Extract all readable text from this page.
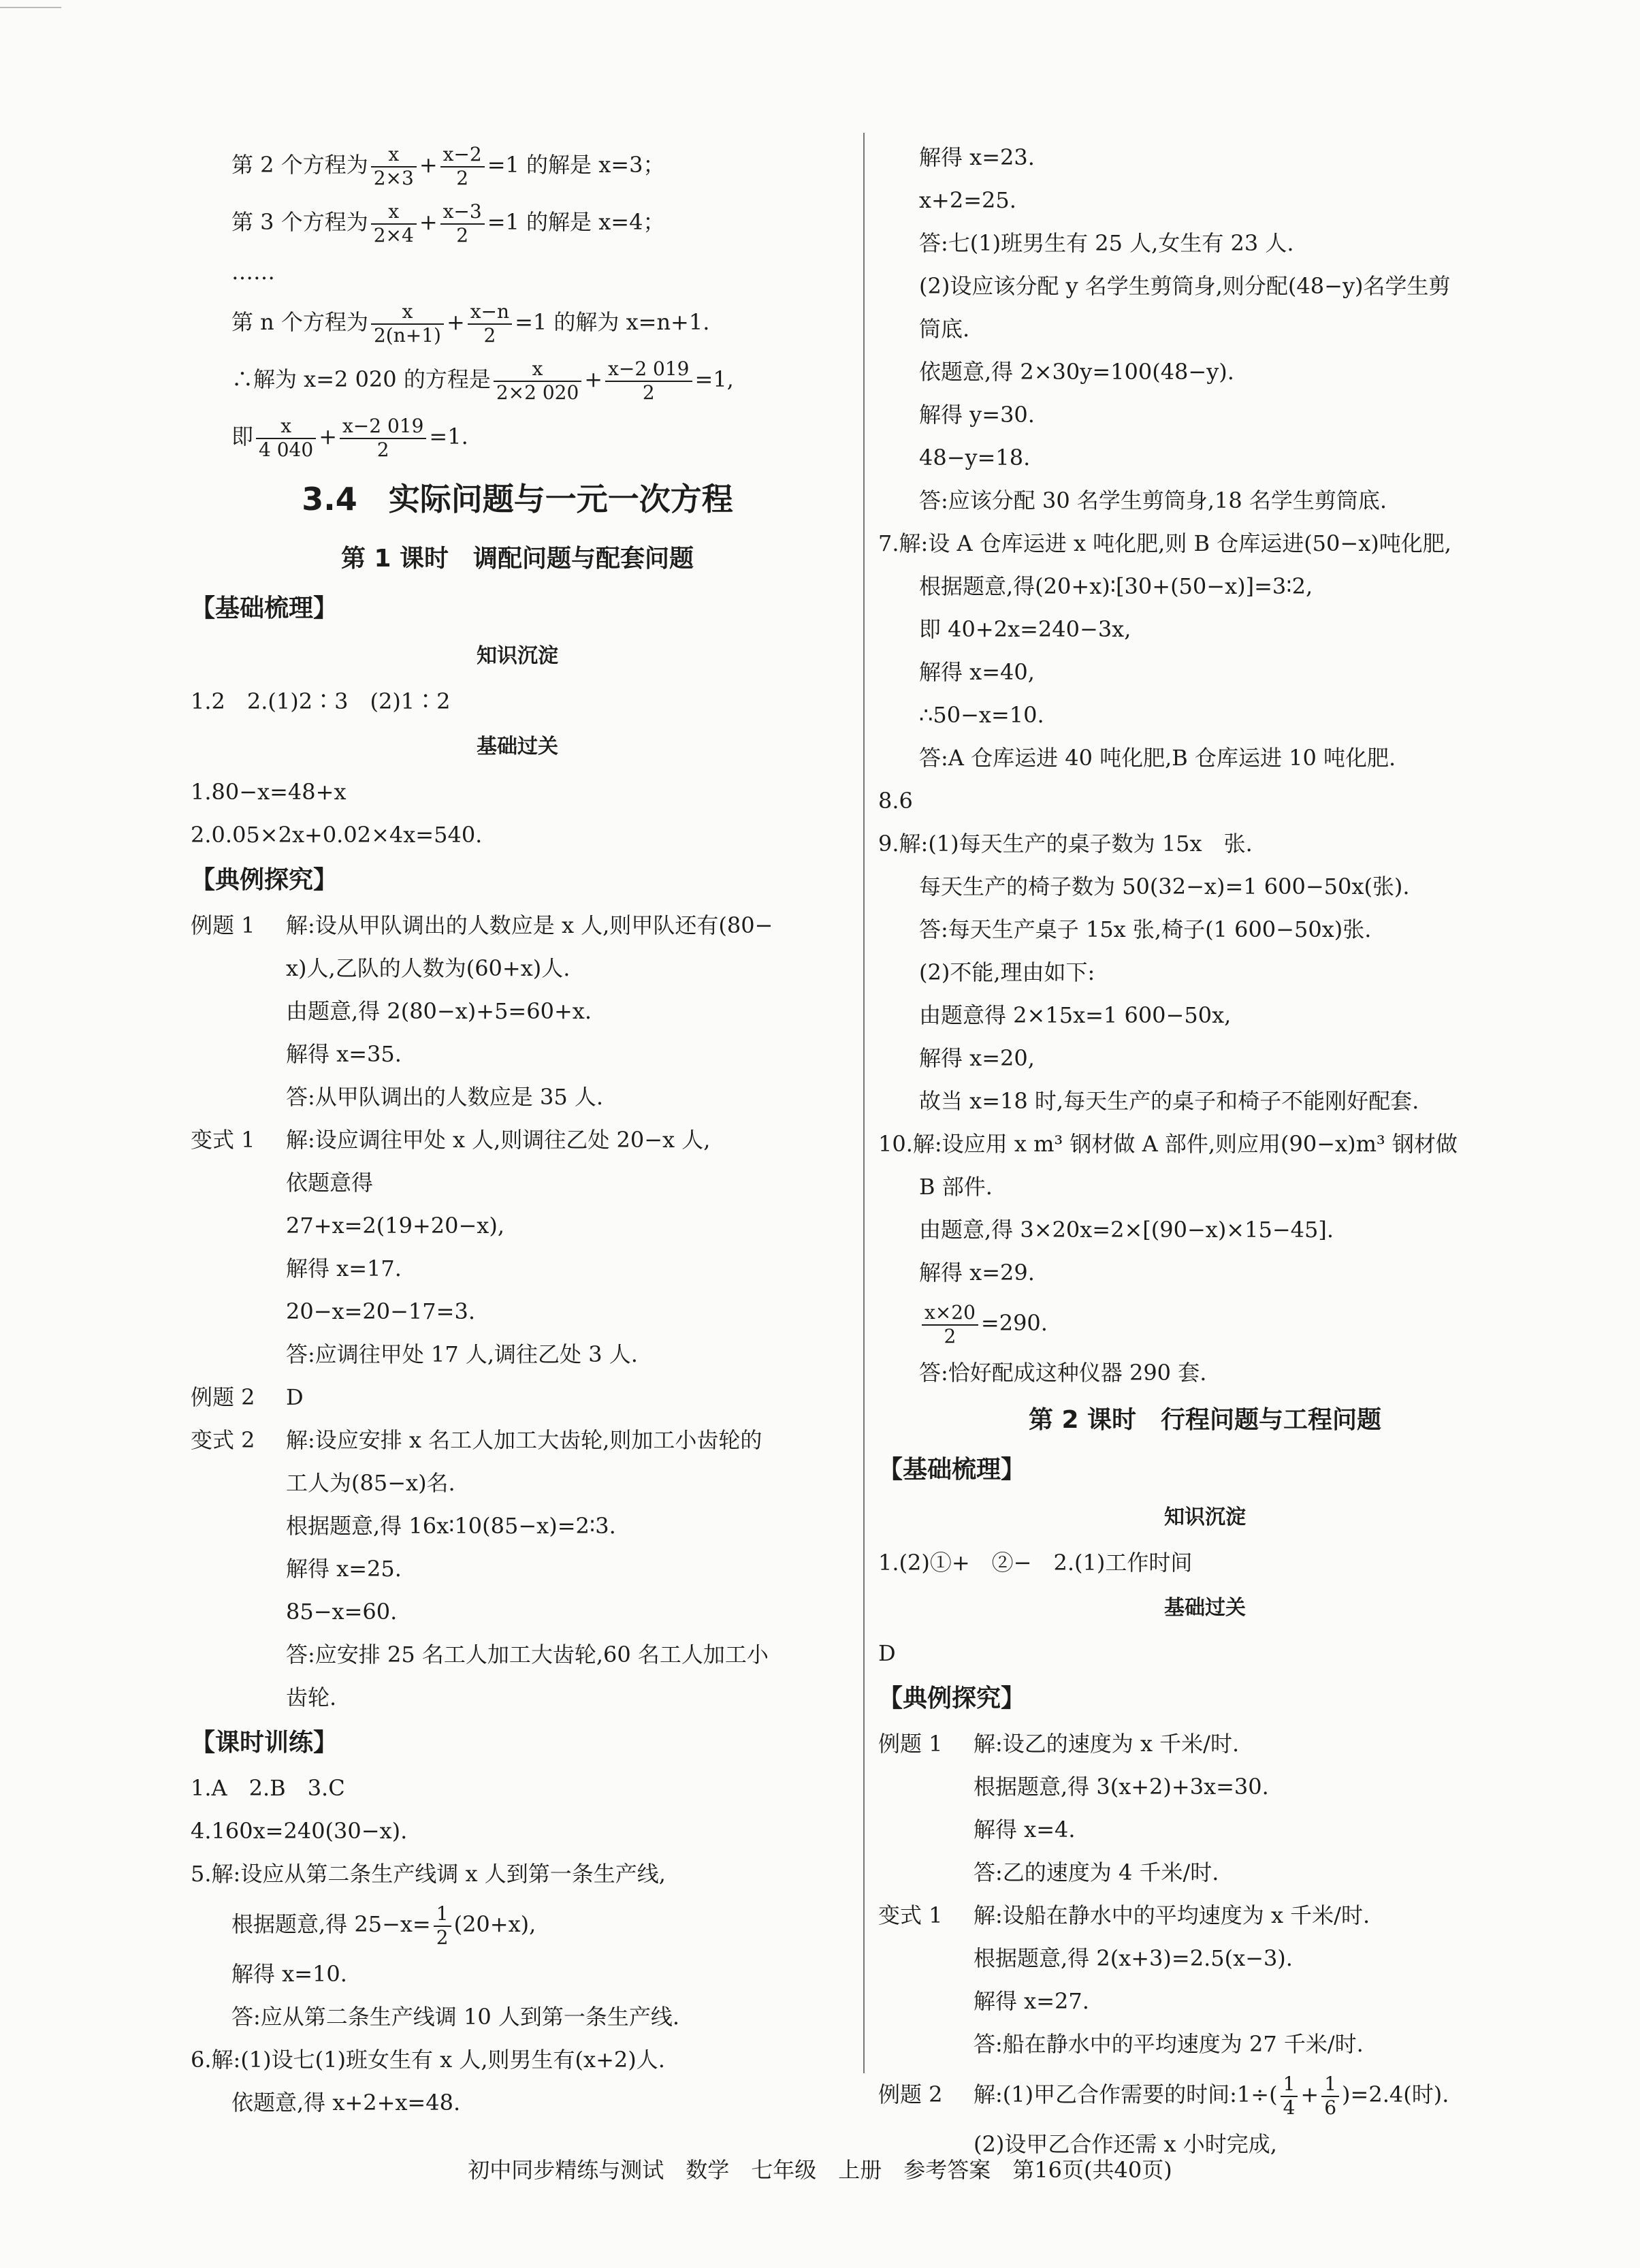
第 2 个方程为 $\frac{x}{2\times 3} + \frac{x-2}{2} =1$ 的解是 x=3；
第 3 个方程为 $\frac{x}{2\times 4} + \frac{x-3}{2} =1$ 的解是 x=4；
……
第 n 个方程为 $\frac{x}{2(n+1)} + \frac{x-n}{2} =1$ 的解为 x=n+1.
∴解为 x=2 020 的方程是 $\frac{x}{2\times 2 020} + \frac{x-2 019}{2} =1$,
即 $\frac{x}{4 040} + \frac{x-2 019}{2} =1$.
3.4　实际问题与一元一次方程
第 1 课时　调配问题与配套问题
【基础梳理】
知识沉淀
1.2　2.(1)2∶3　(2)1∶2
基础过关
1.80−x=48+x
2.0.05×2x+0.02×4x=540.
【典例探究】
例题 1 解:设从甲队调出的人数应是 x 人,则甲队还有(80−
x)人,乙队的人数为(60+x)人.
由题意,得 2(80−x)+5=60+x.
解得 x=35.
答:从甲队调出的人数应是 35 人.
变式 1 解:设应调往甲处 x 人,则调往乙处 20−x 人,
依题意得
27+x=2(19+20−x),
解得 x=17.
20−x=20−17=3.
答:应调往甲处 17 人,调往乙处 3 人.
例题 2 D
变式 2 解:设应安排 x 名工人加工大齿轮,则加工小齿轮的
工人为(85−x)名.
根据题意,得 16x∶10(85−x)=2∶3.
解得 x=25.
85−x=60.
答:应安排 25 名工人加工大齿轮,60 名工人加工小
齿轮.
【课时训练】
1.A　2.B　3.C
4.160x=240(30−x).
5.解:设应从第二条生产线调 x 人到第一条生产线,
根据题意,得 $25-x= \frac{1}{2} (20+x)$,
解得 x=10.
答:应从第二条生产线调 10 人到第一条生产线.
6.解:(1)设七(1)班女生有 x 人,则男生有(x+2)人.
依题意,得 x+2+x=48.
解得 x=23.
x+2=25.
答:七(1)班男生有 25 人,女生有 23 人.
(2)设应该分配 y 名学生剪筒身,则分配(48−y)名学生剪
筒底.
依题意,得 2×30y=100(48−y).
解得 y=30.
48−y=18.
答:应该分配 30 名学生剪筒身,18 名学生剪筒底.
7.解:设 A 仓库运进 x 吨化肥,则 B 仓库运进(50−x)吨化肥,
根据题意,得(20+x)∶[30+(50−x)]=3∶2,
即 40+2x=240−3x,
解得 x=40,
∴50−x=10.
答:A 仓库运进 40 吨化肥,B 仓库运进 10 吨化肥.
8.6
9.解:(1)每天生产的桌子数为 15x　张.
每天生产的椅子数为 50(32−x)=1 600−50x(张).
答:每天生产桌子 15x 张,椅子(1 600−50x)张.
(2)不能,理由如下:
由题意得 2×15x=1 600−50x,
解得 x=20,
故当 x=18 时,每天生产的桌子和椅子不能刚好配套.
10.解:设应用 x m³ 钢材做 A 部件,则应用(90−x)m³ 钢材做
B 部件.
由题意,得 3×20x=2×[(90−x)×15−45].
解得 x=29.
$\frac{x\times 20}{2} =290$.
答:恰好配成这种仪器 290 套.
第 2 课时　行程问题与工程问题
【基础梳理】
知识沉淀
1.(2)①+　②−　2.(1)工作时间
基础过关
D
【典例探究】
例题 1 解:设乙的速度为 x 千米/时.
根据题意,得 3(x+2)+3x=30.
解得 x=4.
答:乙的速度为 4 千米/时.
变式 1 解:设船在静水中的平均速度为 x 千米/时.
根据题意,得 2(x+3)=2.5(x−3).
解得 x=27.
答:船在静水中的平均速度为 27 千米/时.
例题 2 解:(1)甲乙合作需要的时间:1÷( $\frac{1}{4} + \frac{1}{6} )=2.4$(时).
(2)设甲乙合作还需 x 小时完成,
初中同步精练与测试　数学　七年级　上册　参考答案　第16页(共40页)
